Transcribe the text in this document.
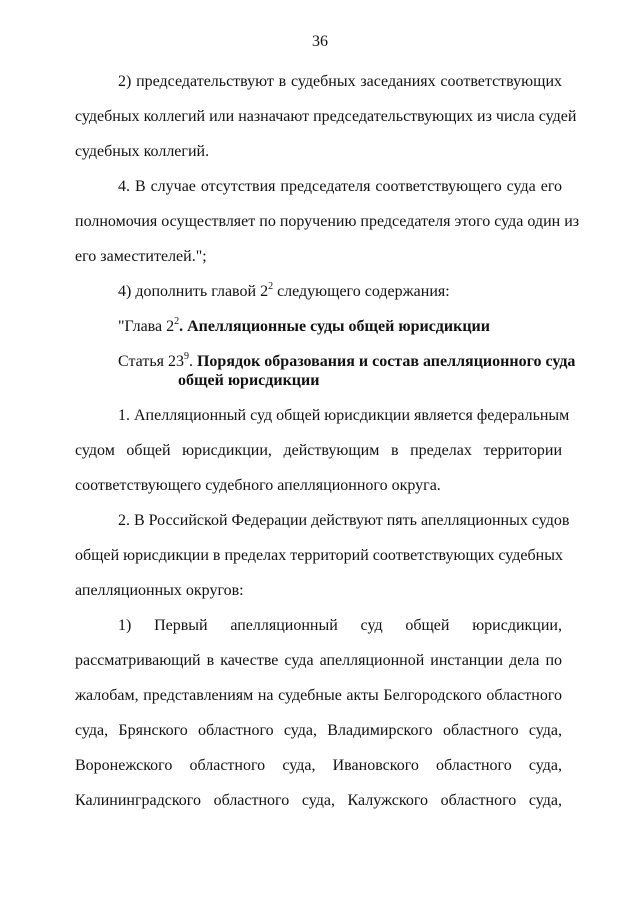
36
2) председательствуют в судебных заседаниях соответствующих
судебных коллегий или назначают председательствующих из числа судей
судебных коллегий.
4. В случае отсутствия председателя соответствующего суда его
полномочия осуществляет по поручению председателя этого суда один из
его заместителей.";
4) дополнить главой $2^2$ следующего содержания:
"Глава $2^2$. Апелляционные суды общей юрисдикции
Статья $23^9$. Порядок образования и состав апелляционного суда
общей юрисдикции
1. Апелляционный суд общей юрисдикции является федеральным
судом общей юрисдикции, действующим в пределах территории
соответствующего судебного апелляционного округа.
2. В Российской Федерации действуют пять апелляционных судов
общей юрисдикции в пределах территорий соответствующих судебных
апелляционных округов:
1) Первый апелляционный суд общей юрисдикции,
рассматривающий в качестве суда апелляционной инстанции дела по
жалобам, представлениям на судебные акты Белгородского областного
суда, Брянского областного суда, Владимирского областного суда,
Воронежского областного суда, Ивановского областного суда,
Калининградского областного суда, Калужского областного суда,
